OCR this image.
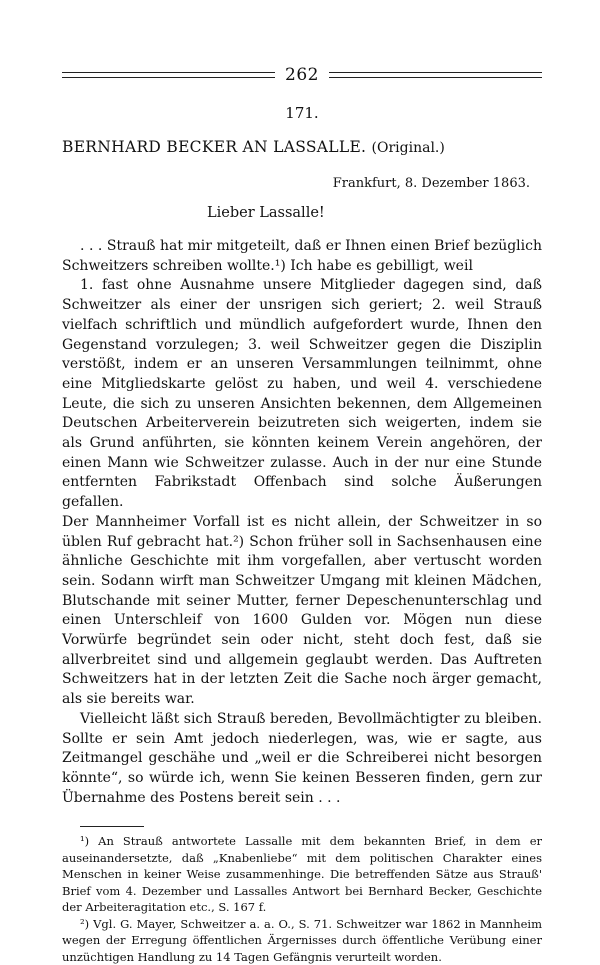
262
171.
BERNHARD BECKER AN LASSALLE. (Original.)
Frankfurt, 8. Dezember 1863.
Lieber Lassalle!

. . . Strauß hat mir mitgeteilt, daß er Ihnen einen Brief bezüglich Schweitzers schreiben wollte.¹) Ich habe es gebilligt, weil

1. fast ohne Ausnahme unsere Mitglieder dagegen sind, daß Schweitzer als einer der unsrigen sich geriert; 2. weil Strauß vielfach schriftlich und mündlich aufgefordert wurde, Ihnen den Gegenstand vorzulegen; 3. weil Schweitzer gegen die Disziplin verstößt, indem er an unseren Versammlungen teilnimmt, ohne eine Mitgliedskarte gelöst zu haben, und weil 4. verschiedene Leute, die sich zu unseren Ansichten bekennen, dem Allgemeinen Deutschen Arbeiterverein beizutreten sich weigerten, indem sie als Grund anführten, sie könnten keinem Verein angehören, der einen Mann wie Schweitzer zulasse. Auch in der nur eine Stunde entfernten Fabrikstadt Offenbach sind solche Äußerungen gefallen.

Der Mannheimer Vorfall ist es nicht allein, der Schweitzer in so üblen Ruf gebracht hat.²) Schon früher soll in Sachsenhausen eine ähnliche Geschichte mit ihm vorgefallen, aber vertuscht worden sein. Sodann wirft man Schweitzer Umgang mit kleinen Mädchen, Blutschande mit seiner Mutter, ferner Depeschenunterschlag und einen Unterschleif von 1600 Gulden vor. Mögen nun diese Vorwürfe begründet sein oder nicht, steht doch fest, daß sie allverbreitet sind und allgemein geglaubt werden. Das Auftreten Schweitzers hat in der letzten Zeit die Sache noch ärger gemacht, als sie bereits war.

Vielleicht läßt sich Strauß bereden, Bevollmächtigter zu bleiben. Sollte er sein Amt jedoch niederlegen, was, wie er sagte, aus Zeitmangel geschähe und „weil er die Schreiberei nicht besorgen könnte“, so würde ich, wenn Sie keinen Besseren finden, gern zur Übernahme des Postens bereit sein . . .

¹) An Strauß antwortete Lassalle mit dem bekannten Brief, in dem er auseinandersetzte, daß „Knabenliebe“ mit dem politischen Charakter eines Menschen in keiner Weise zusammenhinge. Die betreffenden Sätze aus Strauß' Brief vom 4. Dezember und Lassalles Antwort bei Bernhard Becker, Geschichte der Arbeiteragitation etc., S. 167 f.

²) Vgl. G. Mayer, Schweitzer a. a. O., S. 71. Schweitzer war 1862 in Mannheim wegen der Erregung öffentlichen Ärgernisses durch öffentliche Verübung einer unzüchtigen Handlung zu 14 Tagen Gefängnis verurteilt worden.
